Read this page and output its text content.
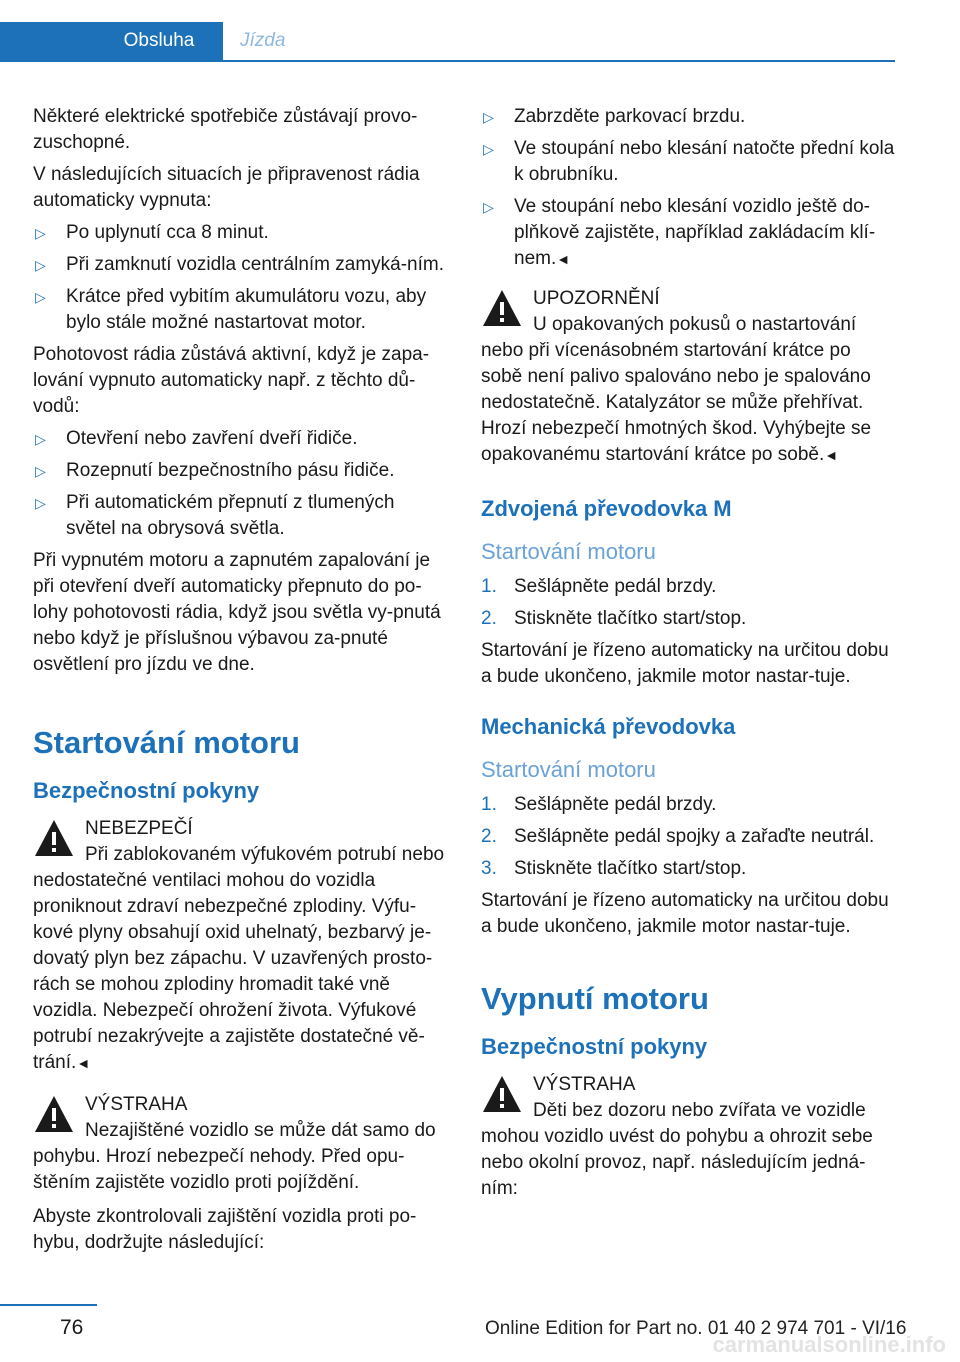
Obsluha	Jízda

Některé elektrické spotřebiče zůstávají provo-zuschopné.

V následujících situacích je připravenost rádia automaticky vypnuta:

▷ Po uplynutí cca 8 minut.
▷ Při zamknutí vozidla centrálním zamyká-ním.
▷ Krátce před vybitím akumulátoru vozu, aby bylo stále možné nastartovat motor.

Pohotovost rádia zůstává aktivní, když je zapa-lování vypnuto automaticky např. z těchto dů-vodů:

▷ Otevření nebo zavření dveří řidiče.
▷ Rozepnutí bezpečnostního pásu řidiče.
▷ Při automatickém přepnutí z tlumených světel na obrysová světla.

Při vypnutém motoru a zapnutém zapalování je při otevření dveří automaticky přepnuto do po-lohy pohotovosti rádia, když jsou světla vy-pnutá nebo když je příslušnou výbavou za-pnuté osvětlení pro jízdu ve dne.

Startování motoru
Bezpečnostní pokyny
NEBEZPEČÍ
Při zablokovaném výfukovém potrubí nebo nedostatečné ventilaci mohou do vozidla proniknout zdraví nebezpečné zplodiny. Výfu-kové plyny obsahují oxid uhelnatý, bezbarvý je-dovatý plyn bez zápachu. V uzavřených prosto-rách se mohou zplodiny hromadit také vně vozidla. Nebezpečí ohrožení života. Výfukové potrubí nezakrývejte a zajistěte dostatečné vě-trání.◄
VÝSTRAHA
Nezajištěné vozidlo se může dát samo do pohybu. Hrozí nebezpečí nehody. Před opu-štěním zajistěte vozidlo proti pojíždění.

Abyste zkontrolovali zajištění vozidla proti po-hybu, dodržujte následující:

▷ Zabrzděte parkovací brzdu.
▷ Ve stoupání nebo klesání natočte přední kola k obrubníku.
▷ Ve stoupání nebo klesání vozidlo ještě do-plňkově zajistěte, například zakládacím klí-nem.◄
UPOZORNĚNÍ
U opakovaných pokusů o nastartování nebo při vícenásobném startování krátce po sobě není palivo spalováno nebo je spalováno nedostatečně. Katalyzátor se může přehřívat. Hrozí nebezpečí hmotných škod. Vyhýbejte se opakovanému startování krátce po sobě.◄
Zdvojená převodovka M
Startování motoru
1. Sešlápněte pedál brzdy.
2. Stiskněte tlačítko start/stop.

Startování je řízeno automaticky na určitou dobu a bude ukončeno, jakmile motor nastar-tuje.

Mechanická převodovka
Startování motoru
1. Sešlápněte pedál brzdy.
2. Sešlápněte pedál spojky a zařaďte neutrál.
3. Stiskněte tlačítko start/stop.

Startování je řízeno automaticky na určitou dobu a bude ukončeno, jakmile motor nastar-tuje.

Vypnutí motoru
Bezpečnostní pokyny
VÝSTRAHA
Děti bez dozoru nebo zvířata ve vozidle mohou vozidlo uvést do pohybu a ohrozit sebe nebo okolní provoz, např. následujícím jedná-ním:
76	Online Edition for Part no. 01 40 2 974 701 - VI/16
carmanualsonline.info
